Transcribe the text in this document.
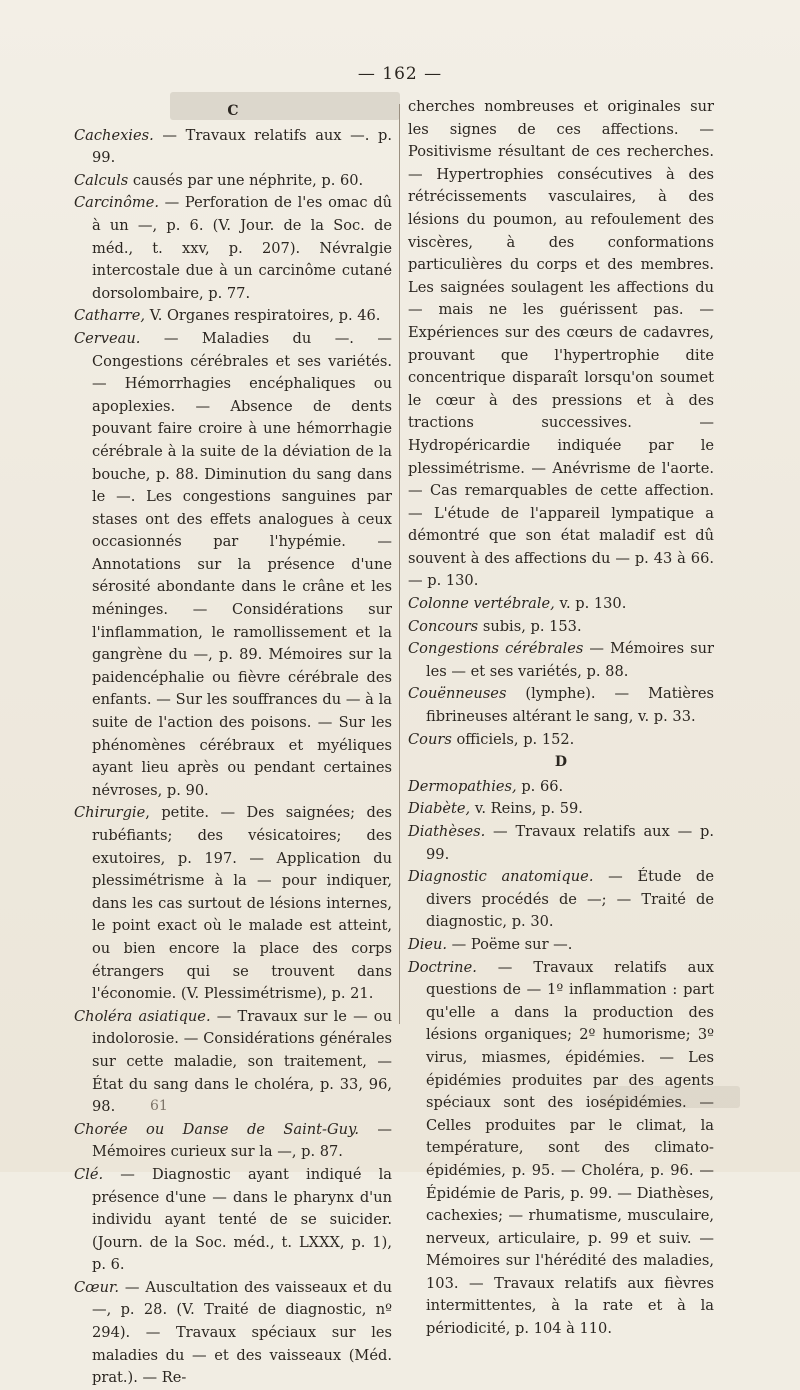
— 162 —

C

Cachexies. — Travaux relatifs aux —. p. 99.

Calculs causés par une néphrite, p. 60.

Carcinôme. — Perforation de l'es omac dû à un —, p. 6. (V. Jour. de la Soc. de méd., t. xxv, p. 207). Névralgie intercostale due à un carcinôme cutané dorsolombaire, p. 77.

Catharre, V. Organes respiratoires, p. 46.

Cerveau. — Maladies du —. — Congestions cérébrales et ses variétés. — Hémorrhagies encéphaliques ou apoplexies. — Absence de dents pouvant faire croire à une hémorrhagie cérébrale à la suite de la déviation de la bouche, p. 88. Diminution du sang dans le —. Les congestions sanguines par stases ont des effets analogues à ceux occasionnés par l'hypémie. — Annotations sur la présence d'une sérosité abondante dans le crâne et les méninges. — Considérations sur l'inflammation, le ramollissement et la gangrène du —, p. 89. Mémoires sur la paidencéphalie ou fièvre cérébrale des enfants. — Sur les souffrances du — à la suite de l'action des poisons. — Sur les phénomènes cérébraux et myéliques ayant lieu après ou pendant certaines névroses, p. 90.

Chirurgie, petite. — Des saignées; des rubéfiants; des vésicatoires; des exutoires, p. 197. — Application du plessimétrisme à la — pour indiquer, dans les cas surtout de lésions internes, le point exact où le malade est atteint, ou bien encore la place des corps étrangers qui se trouvent dans l'économie. (V. Plessimétrisme), p. 21.

Choléra asiatique. — Travaux sur le — ou indolorosie. — Considérations générales sur cette maladie, son traitement, — État du sang dans le choléra, p. 33, 96, 98.

Chorée ou Danse de Saint-Guy. — Mémoires curieux sur la —, p. 87.

Clé. — Diagnostic ayant indiqué la présence d'une — dans le pharynx d'un individu ayant tenté de se suicider. (Journ. de la Soc. méd., t. LXXX, p. 1), p. 6.

Cœur. — Auscultation des vaisseaux et du —, p. 28. (V. Traité de diagnostic, nº 294). — Travaux spéciaux sur les maladies du — et des vaisseaux (Méd. prat.). — Re-

cherches nombreuses et originales sur les signes de ces affections. — Positivisme résultant de ces recherches. — Hypertrophies consécutives à des rétrécissements vasculaires, à des lésions du poumon, au refoulement des viscères, à des conformations particulières du corps et des membres. Les saignées soulagent les affections du — mais ne les guérissent pas. — Expériences sur des cœurs de cadavres, prouvant que l'hypertrophie dite concentrique disparaît lorsqu'on soumet le cœur à des pressions et à des tractions successives. — Hydropéricardie indiquée par le plessimétrisme. — Anévrisme de l'aorte. — Cas remarquables de cette affection. — L'étude de l'appareil lympatique a démontré que son état maladif est dû souvent à des affections du — p. 43 à 66. — p. 130.

Colonne vertébrale, v. p. 130.

Concours subis, p. 153.

Congestions cérébrales — Mémoires sur les — et ses variétés, p. 88.

Couënneuses (lymphe). — Matières fibrineuses altérant le sang, v. p. 33.

Cours officiels, p. 152.

D

Dermopathies, p. 66.

Diabète, v. Reins, p. 59.

Diathèses. — Travaux relatifs aux — p. 99.

Diagnostic anatomique. — Étude de divers procédés de —; — Traité de diagnostic, p. 30.

Dieu. — Poëme sur —.

Doctrine. — Travaux relatifs aux questions de — 1º inflammation : part qu'elle a dans la production des lésions organiques; 2º humorisme; 3º virus, miasmes, épidémies. — Les épidémies produites par des agents spéciaux sont des iosépidémies. — Celles produites par le climat, la température, sont des climato-épidémies, p. 95. — Choléra, p. 96. — Épidémie de Paris, p. 99. — Diathèses, cachexies; — rhumatisme, musculaire, nerveux, articulaire, p. 99 et suiv. — Mémoires sur l'hérédité des maladies, 103. — Travaux relatifs aux fièvres intermittentes, à la rate et à la périodicité, p. 104 à 110.

61
